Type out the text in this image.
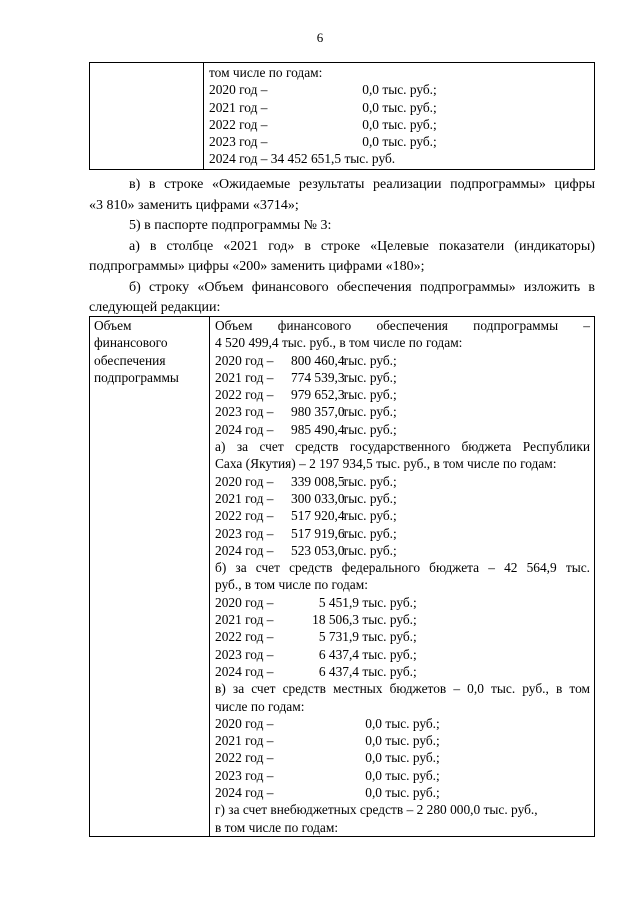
6

том числе по годам:
2020 год –	0,0 тыс. руб.;
2021 год –	0,0 тыс. руб.;
2022 год –	0,0 тыс. руб.;
2023 год –	0,0 тыс. руб.;
2024 год – 34 452 651,5 тыс. руб.

в) в строке «Ожидаемые результаты реализации подпрограммы» цифры

«3 810» заменить цифрами «3714»;

5) в паспорте подпрограммы № 3:

а) в столбце «2021 год» в строке «Целевые показатели (индикаторы)

подпрограммы» цифры «200» заменить цифрами «180»;

б) строку «Объем финансового обеспечения подпрограммы» изложить в

следующей редакции:

Объем
финансового
обеспечения
подпрограммы

Объем финансового обеспечения подпрограммы –
4 520 499,4 тыс. руб., в том числе по годам:
2020 год – 800 460,4 тыс. руб.;
2021 год – 774 539,3 тыс. руб.;
2022 год – 979 652,3 тыс. руб.;
2023 год – 980 357,0 тыс. руб.;
2024 год – 985 490,4 тыс. руб.;
а) за счет средств государственного бюджета Республики
Саха (Якутия) – 2 197 934,5 тыс. руб., в том числе по годам:
2020 год – 339 008,5 тыс. руб.;
2021 год – 300 033,0 тыс. руб.;
2022 год – 517 920,4 тыс. руб.;
2023 год – 517 919,6 тыс. руб.;
2024 год – 523 053,0 тыс. руб.;
б) за счет средств федерального бюджета – 42 564,9 тыс.
руб., в том числе по годам:
2020 год –	5 451,9 тыс. руб.;
2021 год –	18 506,3 тыс. руб.;
2022 год –	5 731,9 тыс. руб.;
2023 год –	6 437,4 тыс. руб.;
2024 год –	6 437,4 тыс. руб.;
в) за счет средств местных бюджетов – 0,0 тыс. руб., в том
числе по годам:
2020 год –	0,0 тыс. руб.;
2021 год –	0,0 тыс. руб.;
2022 год –	0,0 тыс. руб.;
2023 год –	0,0 тыс. руб.;
2024 год –	0,0 тыс. руб.;
г) за счет внебюджетных средств – 2 280 000,0 тыс. руб.,
в том числе по годам:
